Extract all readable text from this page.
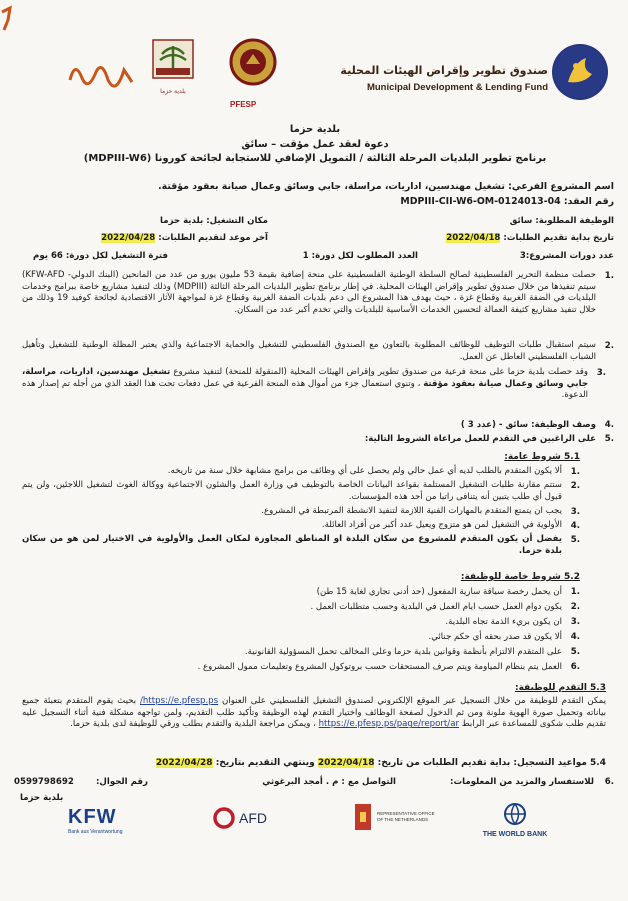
بلدية حزما
PFESP
صندوق تطوير وإقراض الهيئات المحلية
Municipal Development & Lending Fund
بلدية حزما
دعوة لعقد عمل مؤقت – سائق
برنامج تطوير البلديات المرحلة الثالثة / التمويل الإضافي للاستجابة لجائحة كورونا (MDPIII-W6)
اسم المشروع الفرعي: تشغيل مهندسين، اداريات، مراسلة، جابي وسائق وعمال صيانة بعقود مؤقتة.
رقم العقد: MDPIII-CII-W6-OM-0124013-04
الوظيفة المطلوبة: سائق
مكان التشغيل: بلدية حزما
تاريخ بداية تقديم الطلبات: 2022/04/18
آخر موعد لتقديم الطلبات: 2022/04/28
عدد دورات المشروع:3
العدد المطلوب لكل دورة: 1
فترة التشغيل لكل دورة: 66 يوم
1.
حصلت منظمة التحرير الفلسطينية لصالح السلطة الوطنية الفلسطينية على منحة إضافية بقيمة 53 مليون يورو من عدد من المانحين (البنك الدولي- KFW-AFD) سيتم تنفيذها من خلال صندوق تطوير وإقراض الهيئات المحلية. في إطار برنامج تطوير البلديات المرحلة الثالثة (MDPIII) وذلك لتنفيذ مشاريع خاصة ببرامج وخدمات البلديات في الضفة الغربية وقطاع غزة ، حيث يهدف هذا المشروع الى دعم بلديات الضفة الغربية وقطاع غزة لمواجهة الآثار الاقتصادية لجائحة كوفيد 19 وذلك من خلال تنفيذ مشاريع كثيفة العمالة لتحسين الخدمات الأساسية للبلديات والتي تخدم أكبر عدد من السكان.
2.
سيتم استقبال طلبات التوظيف للوظائف المطلوبة بالتعاون مع الصندوق الفلسطيني للتشغيل والحماية الاجتماعية والذي يعتبر المظلة الوطنية للتشغيل وتأهيل الشباب الفلسطيني العاطل عن العمل.
3.
وقد حصلت بلدية حزما على منحة فرعية من صندوق تطوير وإقراض الهيئات المحلية (المنقولة للمنحة) لتنفيذ مشروع تشغيل مهندسين، اداريات، مراسلة، جابي وسائق وعمال صيانة بعقود مؤقتة ، وتنوي استعمال جزء من أموال هذه المنحة الفرعية في عمل دفعات تحت هذا العقد الذي من أجله تم إصدار هذه الدعوة.
4.
وصف الوظيفة: سائق - (عدد 3 )
5.
على الراغبين في التقدم للعمل مراعاة الشروط التالية:
5.1 شروط عامة:
1.
ألا يكون المتقدم بالطلب لديه أي عمل حالي ولم يحصل على أي وظائف من برامج مشابهة خلال سنة من تاريخه.
2.
ستتم مقارنة طلبات التشغيل المستلمة بقواعد البيانات الخاصة بالتوظيف في وزارة العمل والشئون الاجتماعية ووكالة الغوث لتشغيل اللاجئين، ولن يتم قبول أي طلب يتبين أنه يتنافى راتبا من أحد هذه المؤسسات.
3.
يجب ان يتمتع المتقدم بالمهارات الفنية اللازمة لتنفيذ الانشطة المرتبطة في المشروع.
4.
الأولوية في التشغيل لمن هو متزوج ويعيل عدد أكبر من أفراد العائلة.
5.
يفضل أن يكون المتقدم للمشروع من سكان البلدة او المناطق المجاورة لمكان العمل والأولوية في الاختيار لمن هو من سكان بلدة حزما.
5.2 شروط خاصة للوظيفة:
1.
أن يحمل رخصة سياقة سارية المفعول (حد أدنى تجاري لغاية 15 طن)
2.
يكون دوام العمل حسب ايام العمل في البلدية وحسب متطلبات العمل .
3.
ان يكون بريء الذمة تجاه البلدية.
4.
ألا يكون قد صدر بحقه أي حكم جنائي.
5.
على المتقدم الالتزام بأنظمة وقوانين بلدية حزما وعلى المخالف تحمل المسؤولية القانونية.
6.
العمل يتم بنظام المياومة ويتم صرف المستحقات حسب بروتوكول المشروع وتعليمات ممول المشروع .
5.3 التقدم للوظيفة:
يمكن التقدم للوظيفة من خلال التسجيل عبر الموقع الإلكتروني لصندوق التشغيل الفلسطيني على العنوان https://e.pfesp.ps/ بحيث يقوم المتقدم بتعبئة جميع بياناته وتحميل صورة الهوية ملونة ومن ثم الدخول لصفحة الوظائف واختيار التقدم لهذه الوظيفة وتأكيد طلب التقديم، ولمن تواجهه مشكلة فنية أثناء التسجيل عليه تقديم طلب شكوى للمساعدة عبر الرابط https://e.pfesp.ps/page/report/ar ، ويمكن مراجعة البلدية والتقدم بطلب ورقي للوظيفة لدى بلدية حزما.
5.4 مواعيد التسجيل: بداية تقديم الطلبات من تاريخ: 2022/04/18 وينتهي التقديم بتاريخ: 2022/04/28
6.
للاستفسار والمزيد من المعلومات:
التواصل مع : م . أمجد البرغوثي
رقم الجوال:
0599798692
بلدية حزما
KFW
Bank aus Verantwortung
AFD	REPRESENTATIVE OFFICE OF THE NETHERLANDS
THE WORLD BANK
